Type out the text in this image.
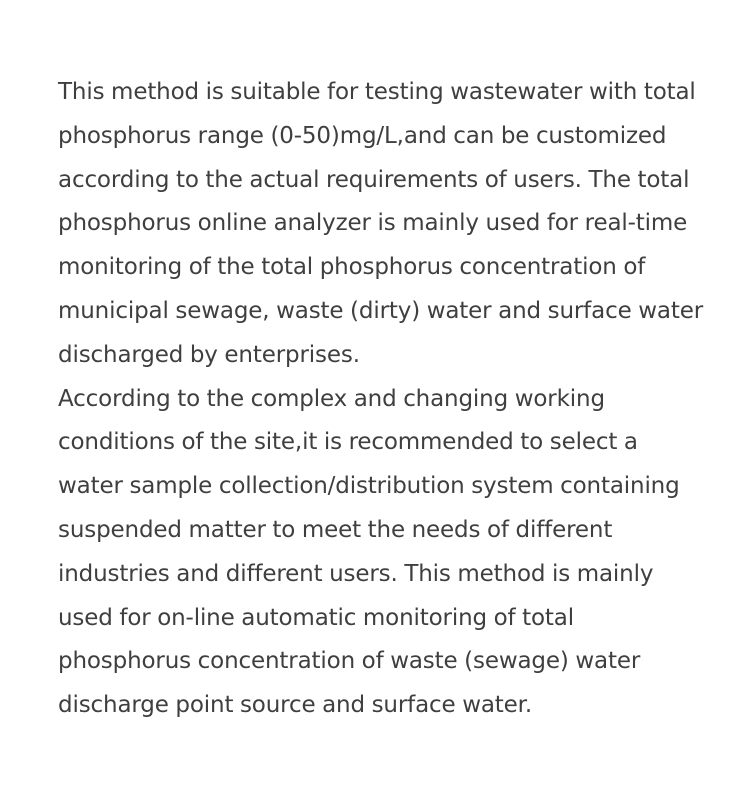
This method is suitable for testing wastewater with total
phosphorus range (0-50)mg/L,and can be customized
according to the actual requirements of users. The total
phosphorus online analyzer is mainly used for real-time
monitoring of the total phosphorus concentration of
municipal sewage, waste (dirty) water and surface water
discharged by enterprises.

According to the complex and changing working
conditions of the site,it is recommended to select a
water sample collection/distribution system containing
suspended matter to meet the needs of different
industries and different users. This method is mainly
used for on-line automatic monitoring of total
phosphorus concentration of waste (sewage) water
discharge point source and surface water.
